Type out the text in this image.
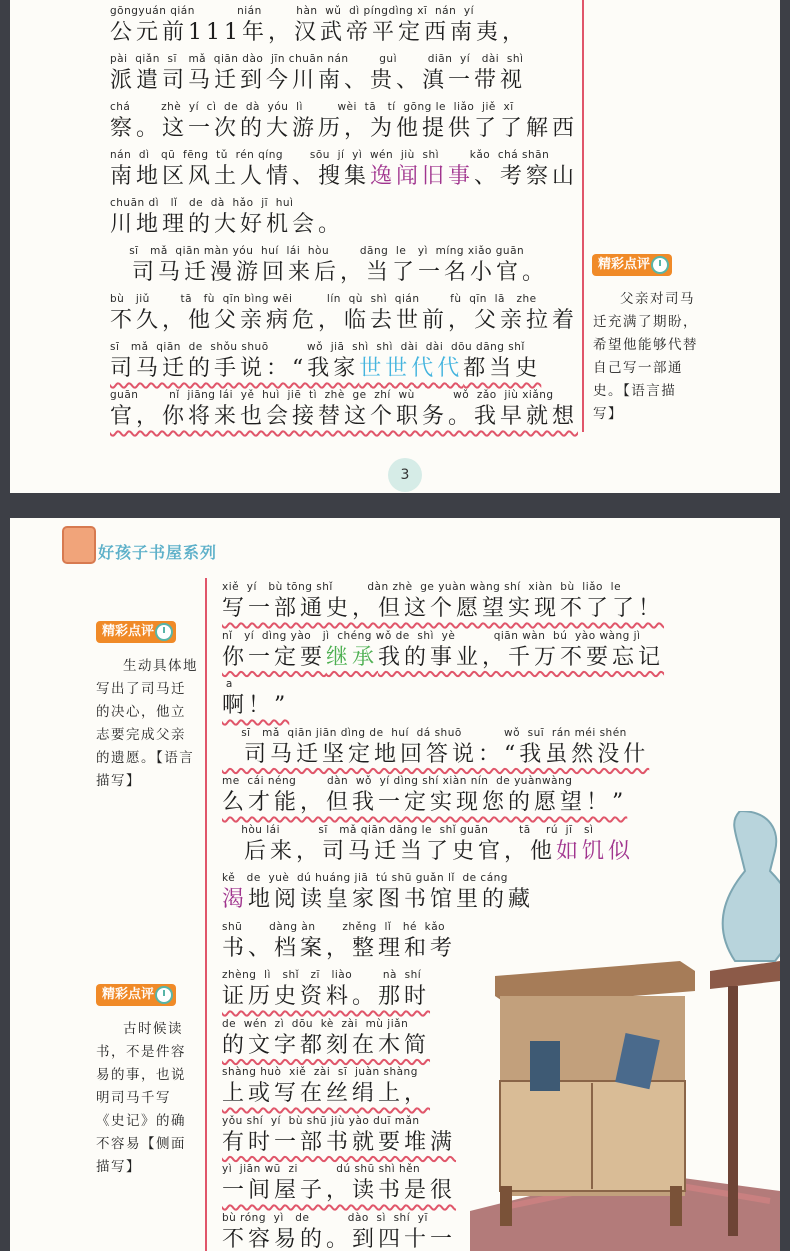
gōngyuán qián           nián         hàn  wǔ  dì píngdìng xī  nán  yí
公元前111年，汉武帝平定西南夷，
pài  qiǎn  sī   mǎ  qiān dào  jīn chuān nán        guì        diān  yí   dài  shì
派遣司马迁到今川南、贵、滇一带视
chá        zhè  yí  cì  de  dà  yóu  lì         wèi  tā   tí  gōng le  liǎo  jiě  xī
察。这一次的大游历，为他提供了了解西
nán  dì   qū  fēng  tǔ  rén qíng       sōu  jí  yì  wén  jiù  shì        kǎo  chá shān
南地区风土人情、搜集逸闻旧事、考察山
chuān dì   lǐ   de  dà  hǎo  jī  huì
川地理的大好机会。
sī   mǎ  qiān màn yóu  huí  lái  hòu        dāng  le   yì  míng xiǎo guān
司马迁漫游回来后，当了一名小官。
bù   jiǔ        tā   fù  qīn bìng wēi         lín  qù  shì  qián        fù  qīn  lā   zhe
不久，他父亲病危，临去世前，父亲拉着
sī   mǎ  qiān  de  shǒu shuō          wǒ  jiā  shì  shì  dài  dài  dōu dāng shǐ
司马迁的手说：“我家世世代代都当史
guān        nǐ  jiāng lái  yě  huì  jiē  tì  zhè  ge  zhí  wù          wǒ  zǎo  jiù xiǎng
官，你将来也会接替这个职务。我早就想
精彩点评
父亲对司马迁充满了期盼，希望他能够代替自己写一部通史。【语言描写】
3
好孩子书屋系列
精彩点评
生动具体地写出了司马迁的决心，他立志要完成父亲的遗愿。【语言描写】
精彩点评
古时候读书，不是件容易的事，也说明司马千写《史记》的确不容易【侧面描写】
xiě  yí   bù tōng shǐ         dàn zhè  ge yuàn wàng shí  xiàn  bù  liǎo  le
写一部通史，但这个愿望实现不了了！
nǐ   yí  dìng yào   jì  chéng wǒ de  shì  yè          qiān wàn  bú  yào wàng jì
你一定要继承我的事业，千万不要忘记
a
啊！”
sī   mǎ  qiān jiān dìng de  huí  dá shuō           wǒ  suī  rán méi shén
司马迁坚定地回答说：“我虽然没什
me  cái néng        dàn  wǒ  yí dìng shí xiàn nín  de yuànwàng
么才能，但我一定实现您的愿望！”
hòu lái          sī   mǎ qiān dāng le  shǐ guān        tā    rú  jī   sì
后来，司马迁当了史官，他如饥似
kě   de  yuè  dú huáng jiā  tú shū guǎn lǐ  de cáng
渴地阅读皇家图书馆里的藏
shū       dàng àn       zhěng  lǐ   hé  kǎo
书、档案，整理和考
zhèng  lì   shǐ   zī   liào        nà  shí
证历史资料。那时
de  wén  zì  dōu  kè  zài  mù jiǎn
的文字都刻在木简
shàng huò  xiě  zài  sī  juàn shàng
上或写在丝绢上，
yǒu shí  yí  bù shū jiù yào duī mǎn
有时一部书就要堆满
yì  jiān wū  zi          dú shū shì hěn
一间屋子，读书是很
bù róng  yì   de          dào  sì  shí  yī
不容易的。到四十一
